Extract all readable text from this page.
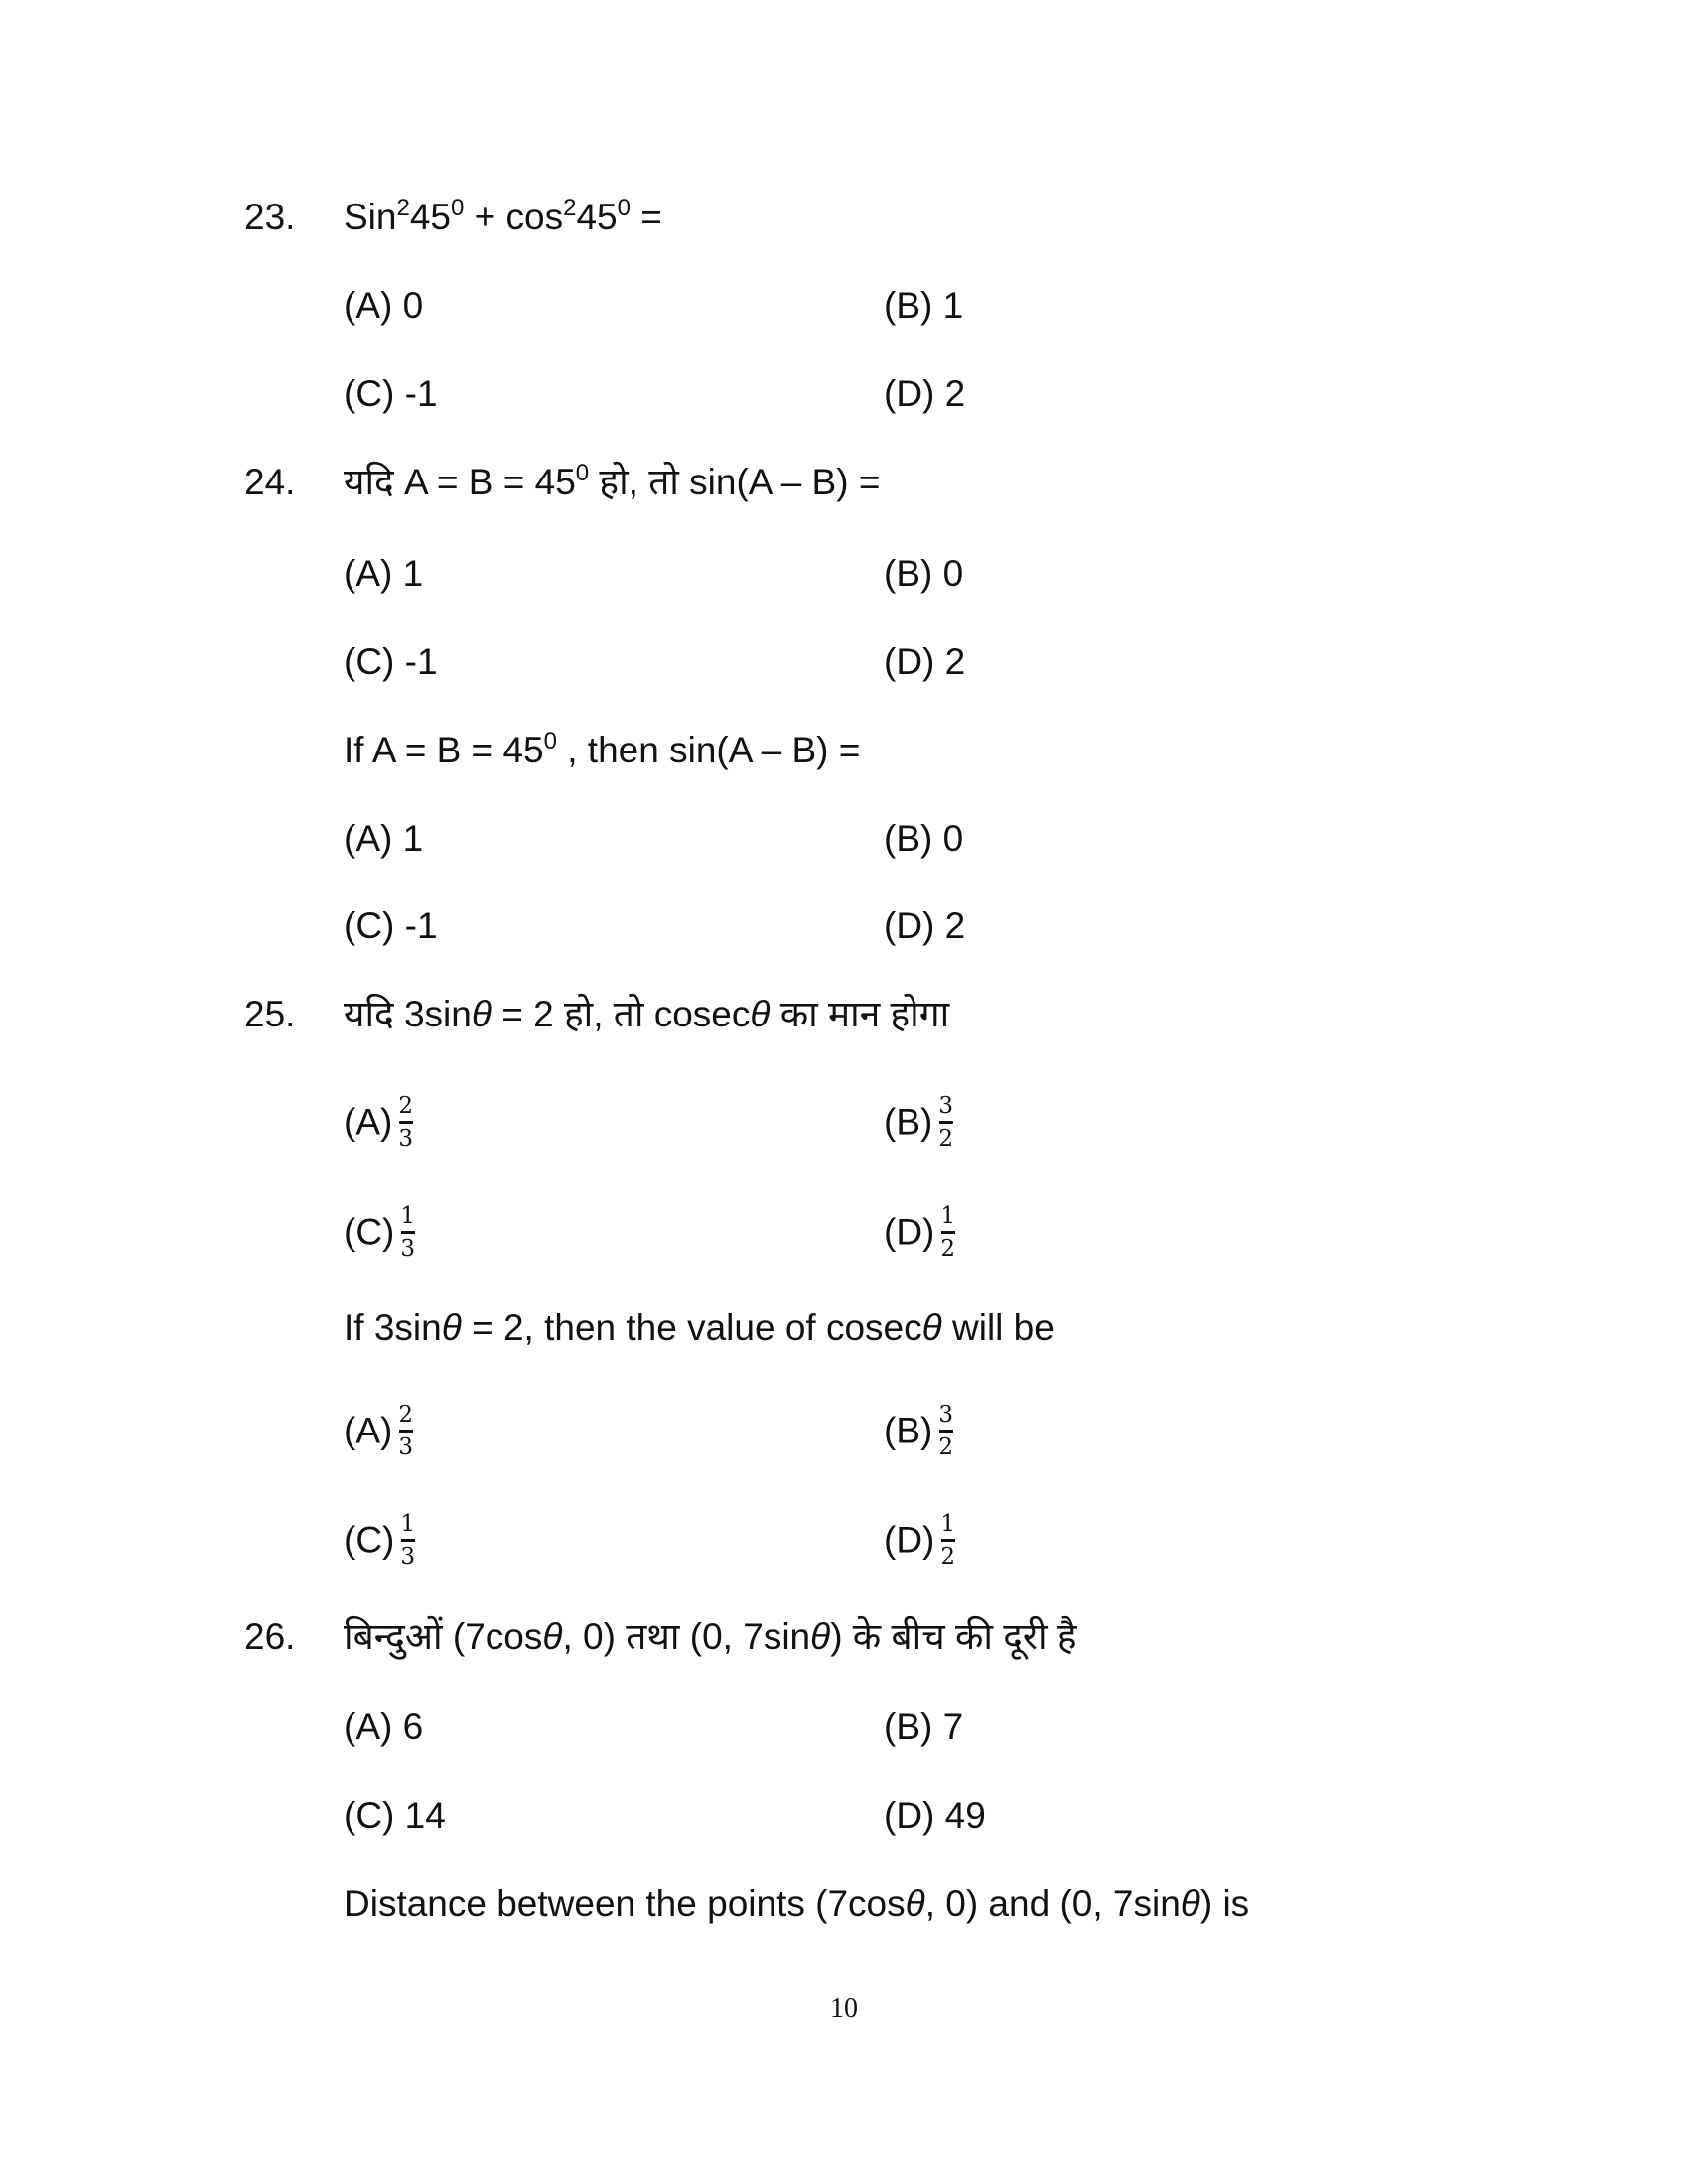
23. $Sin^245^0 + \cos^245^0$ =
(A) 0	(B) 1
(C) -1	(D) 2
24. यदि $A = B = 45^0$ हो, तो sin(A – B) =
(A) 1	(B) 0
(C) -1	(D) 2
If $A = B = 45^0$ , then sin(A – B) =
(A) 1	(B) 0
(C) -1	(D) 2
25. यदि 3sinθ = 2 हो, तो cosecθ का मान होगा
$(A) \frac{2}{3}$	$(B) \frac{3}{2}$
$(C) \frac{1}{3}$	$(D) \frac{1}{2}$
If 3sinθ = 2, then the value of cosecθ will be
$(A) \frac{2}{3}$	$(B) \frac{3}{2}$
$(C) \frac{1}{3}$	$(D) \frac{1}{2}$
26. बिन्दुओं (7cosθ, 0) तथा (0, 7sinθ) के बीच की दूरी है
(A) 6	(B) 7
(C) 14	(D) 49
Distance between the points (7cosθ, 0) and (0, 7sinθ) is
10
